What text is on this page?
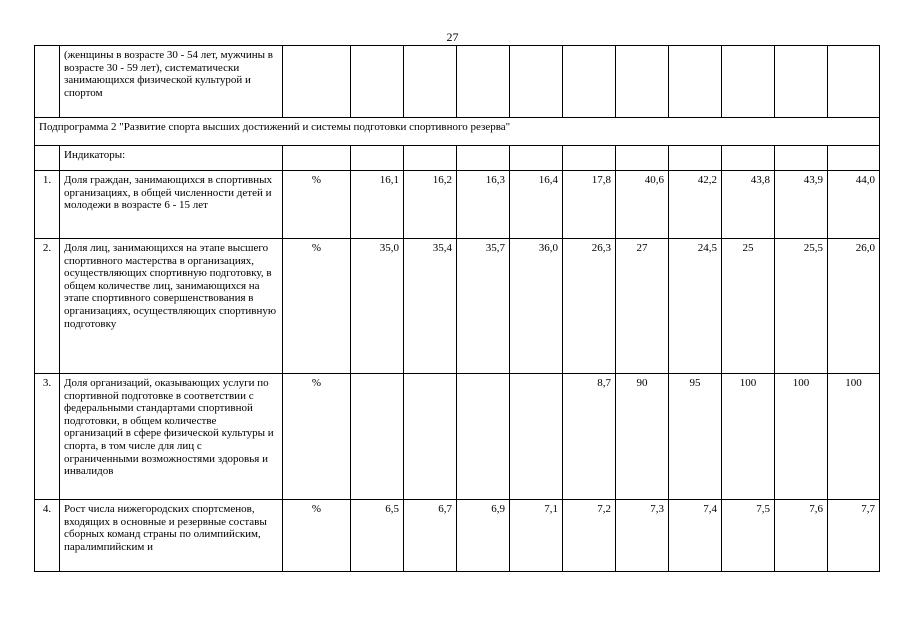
27
	(женщины в возрасте 30 - 54 лет, мужчины в возрасте 30 - 59 лет), систематически занимающихся физической культурой и спортом											
Подпрограмма 2 "Развитие спорта высших достижений и системы подготовки спортивного резерва"												
	Индикаторы:											
1.	Доля граждан, занимающихся в спортивных организациях, в общей численности детей и молодежи в возрасте 6 - 15 лет	%	16,1	16,2	16,3	16,4	17,8	40,6	42,2	43,8	43,9	44,0
2.	Доля лиц, занимающихся на этапе высшего спортивного мастерства в организациях, осуществляющих спортивную подготовку, в общем количестве лиц, занимающихся на этапе спортивного совершенствования в организациях, осуществляющих спортивную подготовку	%	35,0	35,4	35,7	36,0	26,3	27	24,5	25	25,5	26,0
3.	Доля организаций, оказывающих услуги по спортивной подготовке в соответствии с федеральными стандартами спортивной подготовки, в общем количестве организаций в сфере физической культуры и спорта, в том числе для лиц с ограниченными возможностями здоровья и инвалидов	%					8,7	90	95	100	100	100
4.	Рост числа нижегородских спортсменов, входящих в основные и резервные составы сборных команд страны по олимпийским, паралимпийским и	%	6,5	6,7	6,9	7,1	7,2	7,3	7,4	7,5	7,6	7,7
